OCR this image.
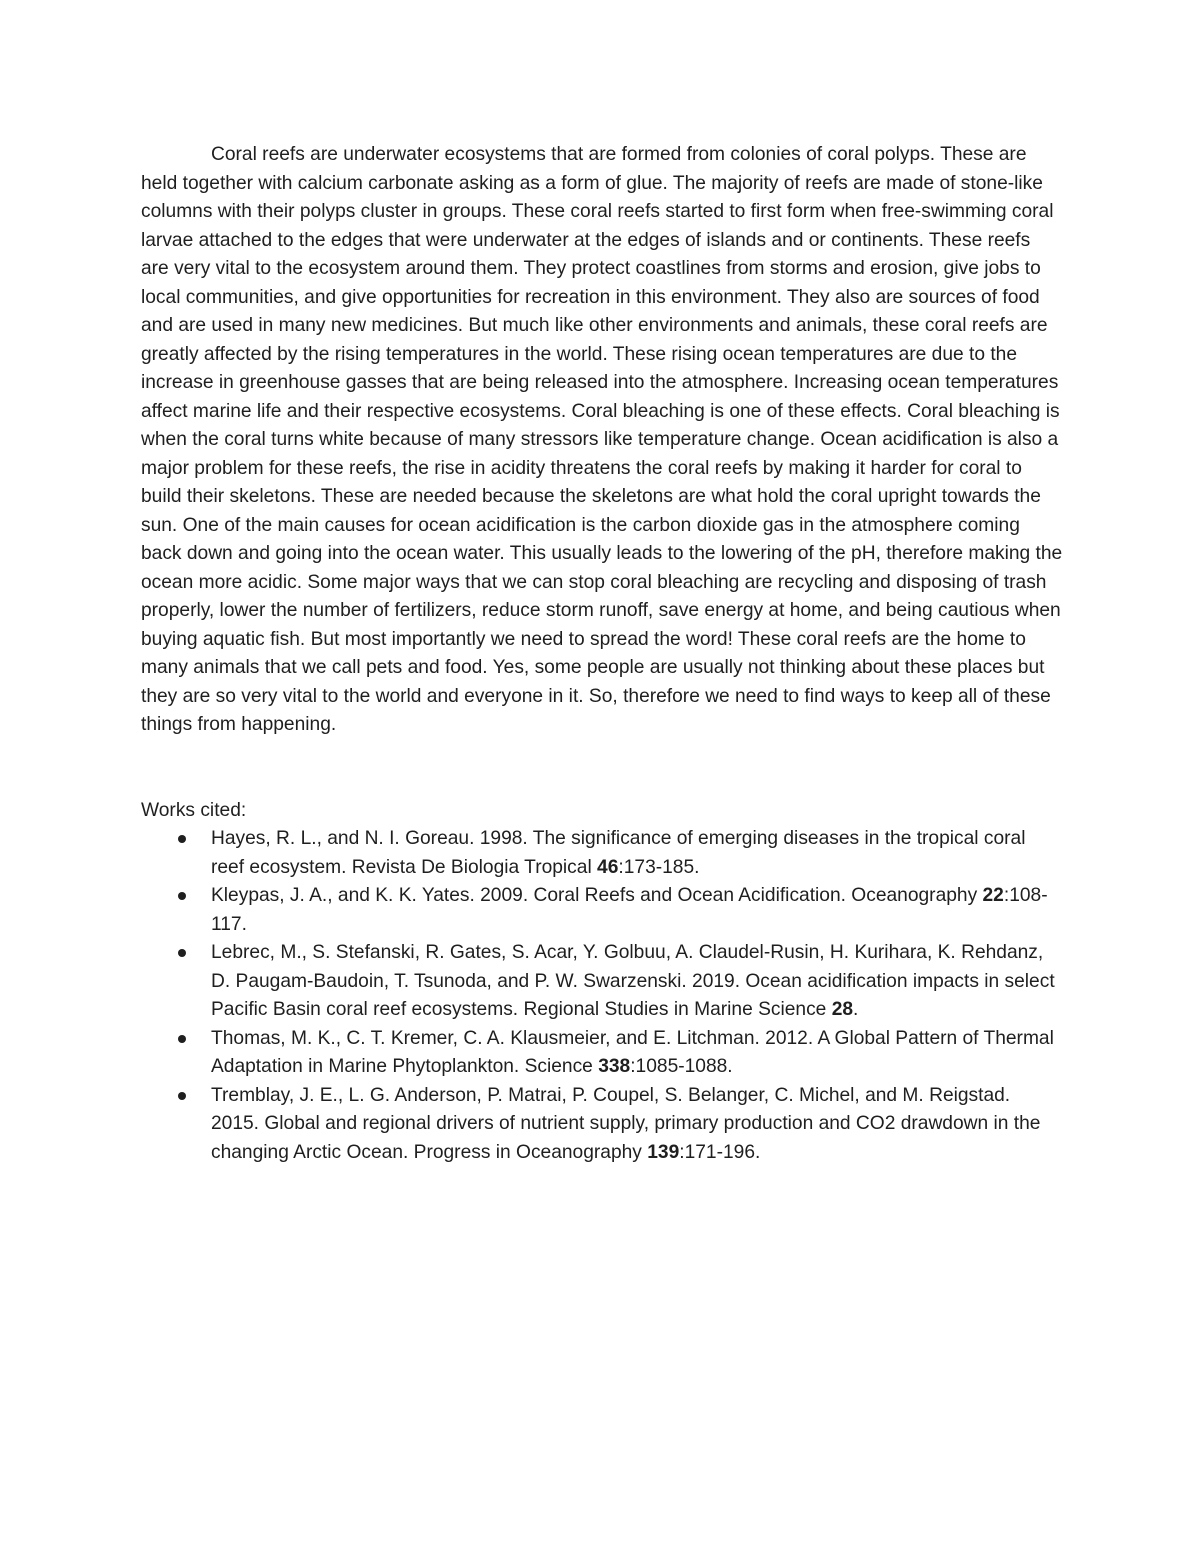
Coral reefs are underwater ecosystems that are formed from colonies of coral polyps. These are held together with calcium carbonate asking as a form of glue. The majority of reefs are made of stone-like columns with their polyps cluster in groups. These coral reefs started to first form when free-swimming coral larvae attached to the edges that were underwater at the edges of islands and or continents. These reefs are very vital to the ecosystem around them. They protect coastlines from storms and erosion, give jobs to local communities, and give opportunities for recreation in this environment. They also are sources of food and are used in many new medicines. But much like other environments and animals, these coral reefs are greatly affected by the rising temperatures in the world. These rising ocean temperatures are due to the increase in greenhouse gasses that are being released into the atmosphere. Increasing ocean temperatures affect marine life and their respective ecosystems. Coral bleaching is one of these effects. Coral bleaching is when the coral turns white because of many stressors like temperature change. Ocean acidification is also a major problem for these reefs, the rise in acidity threatens the coral reefs by making it harder for coral to build their skeletons. These are needed because the skeletons are what hold the coral upright towards the sun. One of the main causes for ocean acidification is the carbon dioxide gas in the atmosphere coming back down and going into the ocean water. This usually leads to the lowering of the pH, therefore making the ocean more acidic. Some major ways that we can stop coral bleaching are recycling and disposing of trash properly, lower the number of fertilizers, reduce storm runoff, save energy at home, and being cautious when buying aquatic fish. But most importantly we need to spread the word! These coral reefs are the home to many animals that we call pets and food. Yes, some people are usually not thinking about these places but they are so very vital to the world and everyone in it. So, therefore we need to find ways to keep all of these things from happening.

Works cited:

Hayes, R. L., and N. I. Goreau. 1998. The significance of emerging diseases in the tropical coral reef ecosystem. Revista De Biologia Tropical 46:173-185.
Kleypas, J. A., and K. K. Yates. 2009. Coral Reefs and Ocean Acidification. Oceanography 22:108-117.
Lebrec, M., S. Stefanski, R. Gates, S. Acar, Y. Golbuu, A. Claudel-Rusin, H. Kurihara, K. Rehdanz, D. Paugam-Baudoin, T. Tsunoda, and P. W. Swarzenski. 2019. Ocean acidification impacts in select Pacific Basin coral reef ecosystems. Regional Studies in Marine Science 28.
Thomas, M. K., C. T. Kremer, C. A. Klausmeier, and E. Litchman. 2012. A Global Pattern of Thermal Adaptation in Marine Phytoplankton. Science 338:1085-1088.
Tremblay, J. E., L. G. Anderson, P. Matrai, P. Coupel, S. Belanger, C. Michel, and M. Reigstad. 2015. Global and regional drivers of nutrient supply, primary production and CO2 drawdown in the changing Arctic Ocean. Progress in Oceanography 139:171-196.
